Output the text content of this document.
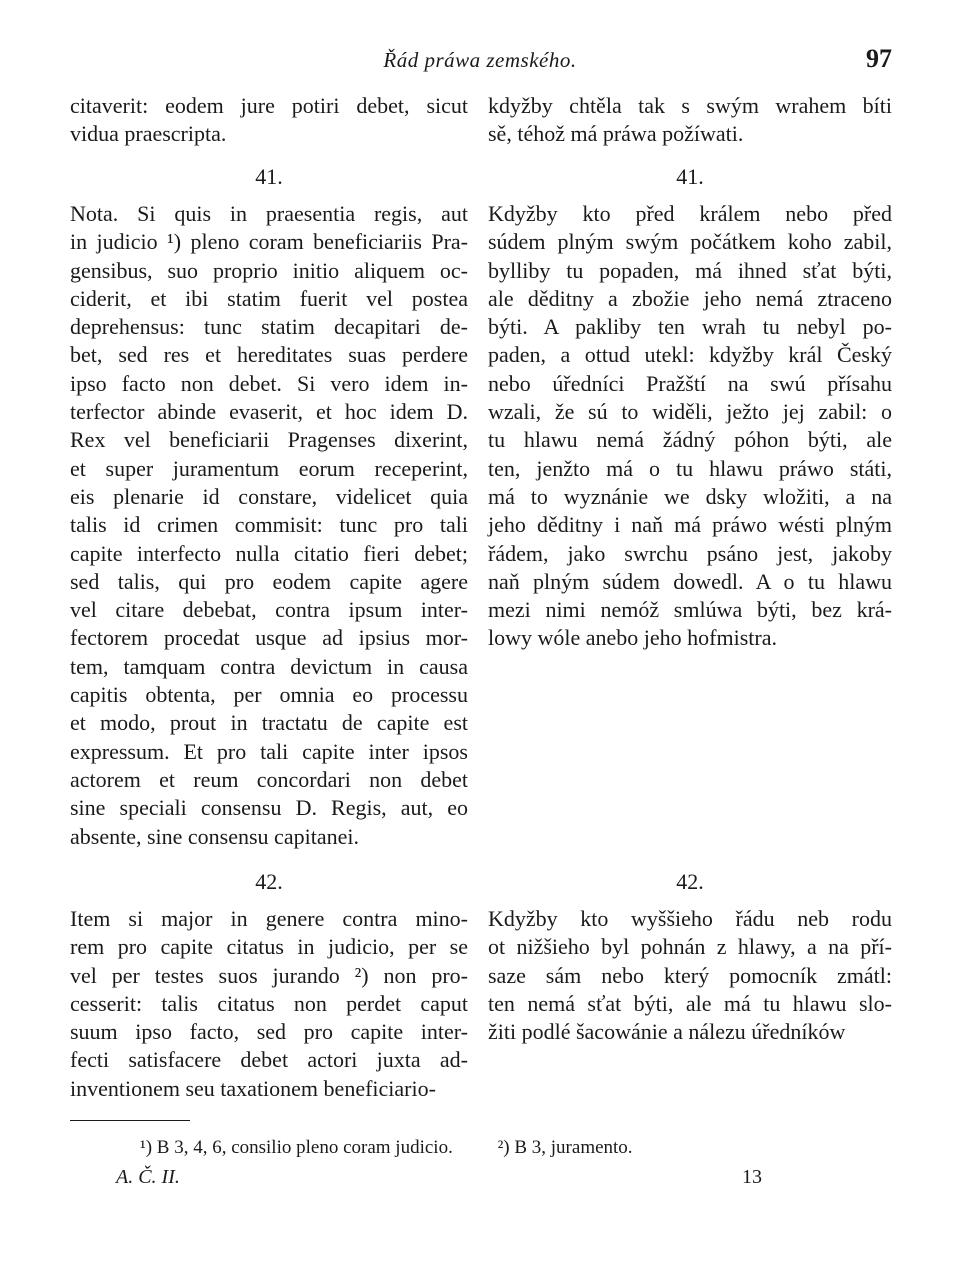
Řád práwa zemského.	97
citaverit: eodem jure potiri debet, sicut
vidua praescripta.
41.
Nota. Si quis in praesentia regis, aut
in judicio ¹) pleno coram beneficiariis Pra-
gensibus, suo proprio initio aliquem oc-
ciderit, et ibi statim fuerit vel postea
deprehensus: tunc statim decapitari de-
bet, sed res et hereditates suas perdere
ipso facto non debet. Si vero idem in-
terfector abinde evaserit, et hoc idem D.
Rex vel beneficiarii Pragenses dixerint,
et super juramentum eorum receperint,
eis plenarie id constare, videlicet quia
talis id crimen commisit: tunc pro tali
capite interfecto nulla citatio fieri debet;
sed talis, qui pro eodem capite agere
vel citare debebat, contra ipsum inter-
fectorem procedat usque ad ipsius mor-
tem, tamquam contra devictum in causa
capitis obtenta, per omnia eo processu
et modo, prout in tractatu de capite est
expressum. Et pro tali capite inter ipsos
actorem et reum concordari non debet
sine speciali consensu D. Regis, aut, eo
absente, sine consensu capitanei.
42.
Item si major in genere contra mino-
rem pro capite citatus in judicio, per se
vel per testes suos jurando ²) non pro-
cesserit: talis citatus non perdet caput
suum ipso facto, sed pro capite inter-
fecti satisfacere debet actori juxta ad-
inventionem seu taxationem beneficiario-
kdyžby chtěla tak s swým wrahem bíti
sě, téhož má práwa požíwati.
41.
Kdyžby kto před králem nebo před
súdem plným swým počátkem koho zabil,
bylliby tu popaden, má ihned sťat býti,
ale děditny a zbožie jeho nemá ztraceno
býti. A pakliby ten wrah tu nebyl po-
paden, a ottud utekl: kdyžby král Český
nebo úředníci Pražští na swú přísahu
wzali, že sú to widěli, ježto jej zabil: o
tu hlawu nemá žádný póhon býti, ale
ten, jenžto má o tu hlawu práwo státi,
má to wyznánie we dsky wložiti, a na
jeho děditny i naň má práwo wésti plným
řádem, jako swrchu psáno jest, jakoby
naň plným súdem dowedl. A o tu hlawu
mezi nimi nemóž smlúwa býti, bez krá-
lowy wóle anebo jeho hofmistra.
42.
Kdyžby kto wyššieho řádu neb rodu
ot nižšieho byl pohnán z hlawy, a na pří-
saze sám nebo který pomocník zmátl:
ten nemá sťat býti, ale má tu hlawu slo-
žiti podlé šacowánie a nálezu úředníków
¹) B 3, 4, 6, consilio pleno coram judicio. ²) B 3, juramento.
A. Č. II.	13
